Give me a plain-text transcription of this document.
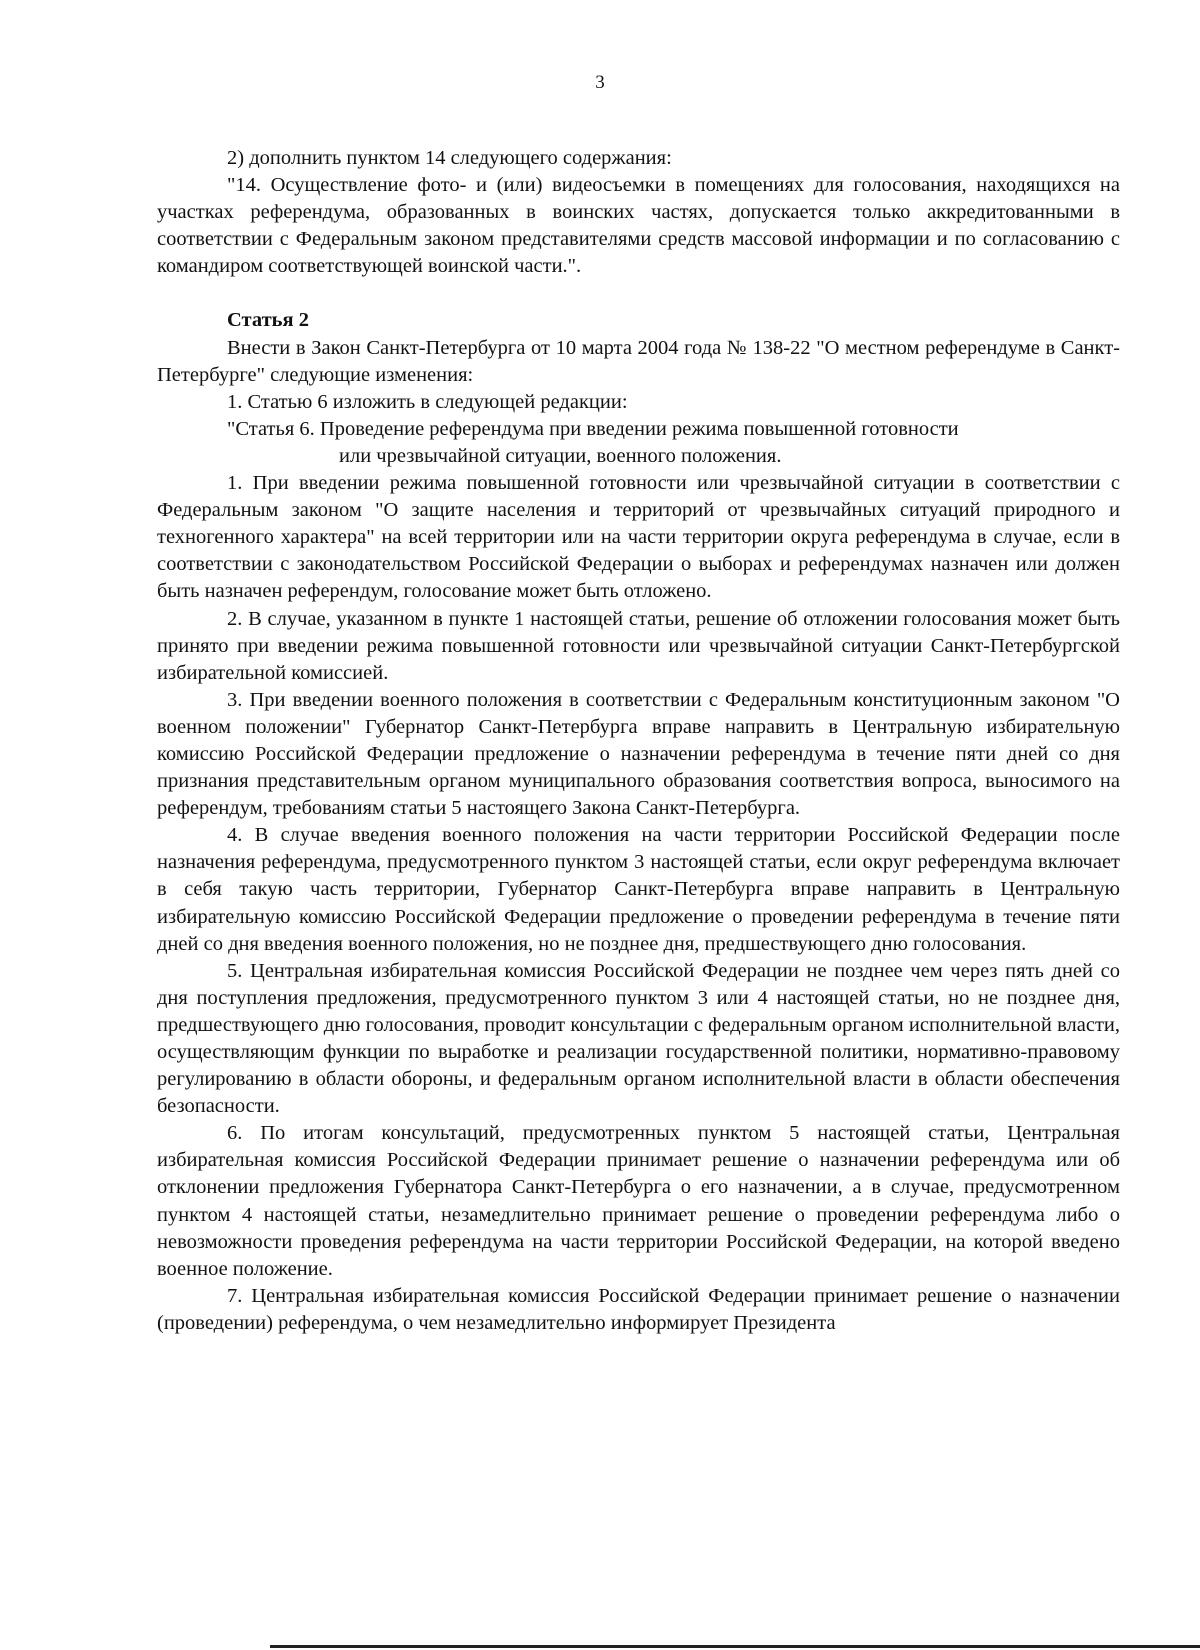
3

2) дополнить пунктом 14 следующего содержания:

"14. Осуществление фото- и (или) видеосъемки в помещениях для голосования, находящихся на участках референдума, образованных в воинских частях, допускается только аккредитованными в соответствии с Федеральным законом представителями средств массовой информации и по согласованию с командиром соответствующей воинской части.".

Статья 2

Внести в Закон Санкт-Петербурга от 10 марта 2004 года № 138-22 "О местном референдуме в Санкт-Петербурге" следующие изменения:

1. Статью 6 изложить в следующей редакции:

"Статья 6. Проведение референдума при введении режима повышенной готовности
или чрезвычайной ситуации, военного положения.

1. При введении режима повышенной готовности или чрезвычайной ситуации в соответствии с Федеральным законом "О защите населения и территорий от чрезвычайных ситуаций природного и техногенного характера" на всей территории или на части территории округа референдума в случае, если в соответствии с законодательством Российской Федерации о выборах и референдумах назначен или должен быть назначен референдум, голосование может быть отложено.

2. В случае, указанном в пункте 1 настоящей статьи, решение об отложении голосования может быть принято при введении режима повышенной готовности или чрезвычайной ситуации Санкт-Петербургской избирательной комиссией.

3. При введении военного положения в соответствии с Федеральным конституционным законом "О военном положении" Губернатор Санкт-Петербурга вправе направить в Центральную избирательную комиссию Российской Федерации предложение о назначении референдума в течение пяти дней со дня признания представительным органом муниципального образования соответствия вопроса, выносимого на референдум, требованиям статьи 5 настоящего Закона Санкт-Петербурга.

4. В случае введения военного положения на части территории Российской Федерации после назначения референдума, предусмотренного пунктом 3 настоящей статьи, если округ референдума включает в себя такую часть территории, Губернатор Санкт-Петербурга вправе направить в Центральную избирательную комиссию Российской Федерации предложение о проведении референдума в течение пяти дней со дня введения военного положения, но не позднее дня, предшествующего дню голосования.

5. Центральная избирательная комиссия Российской Федерации не позднее чем через пять дней со дня поступления предложения, предусмотренного пунктом 3 или 4 настоящей статьи, но не позднее дня, предшествующего дню голосования, проводит консультации с федеральным органом исполнительной власти, осуществляющим функции по выработке и реализации государственной политики, нормативно-правовому регулированию в области обороны, и федеральным органом исполнительной власти в области обеспечения безопасности.

6. По итогам консультаций, предусмотренных пунктом 5 настоящей статьи, Центральная избирательная комиссия Российской Федерации принимает решение о назначении референдума или об отклонении предложения Губернатора Санкт-Петербурга о его назначении, а в случае, предусмотренном пунктом 4 настоящей статьи, незамедлительно принимает решение о проведении референдума либо о невозможности проведения референдума на части территории Российской Федерации, на которой введено военное положение.

7. Центральная избирательная комиссия Российской Федерации принимает решение о назначении (проведении) референдума, о чем незамедлительно информирует Президента
